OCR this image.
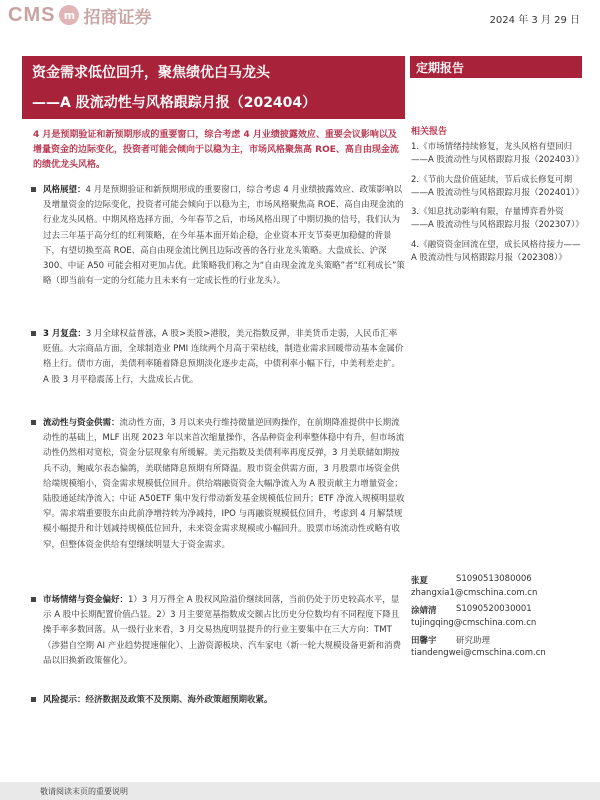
CMS m 招商证券	2024 年 3 月 29 日
资金需求低位回升，聚焦绩优白马龙头
——A 股流动性与风格跟踪月报（202404）
定期报告
4 月是预期验证和新预期形成的重要窗口，综合考虑 4 月业绩披露效应、重要会议影响以及增量资金的边际变化，投资者可能会倾向于以稳为主，市场风格聚焦高 ROE、高自由现金流的绩优龙头风格。
风格展望：4 月是预期验证和新预期形成的重要窗口，综合考虑 4 月业绩披露效应、政策影响以及增量资金的边际变化，投资者可能会倾向于以稳为主，市场风格聚焦高 ROE、高自由现金流的行业龙头风格。中期风格选择方面，今年春节之后，市场风格出现了中期切换的信号，我们认为过去三年基于高分红的红利策略，在今年基本面开始企稳，企业资本开支节奏更加稳健的背景下，有望切换至高 ROE、高自由现金流比例且边际改善的各行业龙头策略。大盘成长、沪深 300、中证 A50 可能会相对更加占优。此策略我们称之为“自由现金流龙头策略”者“红利成长”策略（即当前有一定的分红能力且未来有一定成长性的行业龙头）。
3 月复盘：3 月全球权益普涨，A 股>美股>港股，美元指数反弹，非美货币走弱，人民币汇率贬值。大宗商品方面，全球制造业 PMI 连续两个月高于荣枯线，制造业需求回暖带动基本金属价格上行。债市方面，美债利率随着降息预期淡化逐步走高，中债利率小幅下行，中美利差走扩。A 股 3 月平稳震荡上行，大盘成长占优。
流动性与资金供需：流动性方面，3 月以来央行维持微量逆回购操作，在前期降准提供中长期流动性的基础上，MLF 出现 2023 年以来首次缩量操作，各品种资金利率整体稳中有升，但市场流动性仍然相对宽松，资金分层现象有所缓解。美元指数及美债利率再度反弹，3 月美联储如期按兵不动，鲍威尔表态偏鸽，美联储降息预期有所降温。股市资金供需方面，3 月股票市场资金供给端规模缩小，资金需求规模低位回升。供给端融资资金大幅净流入为 A 股贡献主力增量资金；陆股通延续净流入；中证 A50ETF 集中发行带动新发基金规模低位回升；ETF 净流入规模明显收窄。需求端重要股东由此前净增持转为净减持，IPO 与再融资规模低位回升，考虑到 4 月解禁规模小幅提升和计划减持规模低位回升，未来资金需求规模或小幅回升。股票市场流动性或略有收窄，但整体资金供给有望继续明显大于资金需求。
市场情绪与资金偏好：1）3 月万得全 A 股权风险溢价继续回落，当前仍处于历史较高水平，显示 A 股中长期配置价值凸显。2）3 月主要宽基指数成交额占比历史分位数均有不同程度下降且操手率多数回落。从一级行业来看，3 月交易热度明显提升的行业主要集中在三大方向：TMT（涉猎自空期 AI 产业趋势提速催化）、上游资源板块、汽车家电（新一轮大规模设备更新和消费品以旧换新政策催化）。
风险提示：经济数据及政策不及预期、海外政策超预期收紧。
相关报告
1.《市场情绪持续修复，龙头风格有望回归——A 股流动性与风格跟踪月报（202403）》
2.《节前大盘价值延续，节后成长修复可期——A 股流动性与风格跟踪月报（202401）》
3.《知息扰动影响有限，存量博弈看外资 ——A 股流动性与风格跟踪月报（202307）》
4.《融资资金回流在望，成长风格待接力——A 股流动性与风格跟踪月报（202308）》
张夏	S1090513080006
zhangxia1@cmschina.com.cn
涂婧清	S1090520030001
tujingqing@cmschina.com.cn
田馨宇	研究助理
tiandengwei@cmschina.com.cn
敬请阅读末页的重要说明
